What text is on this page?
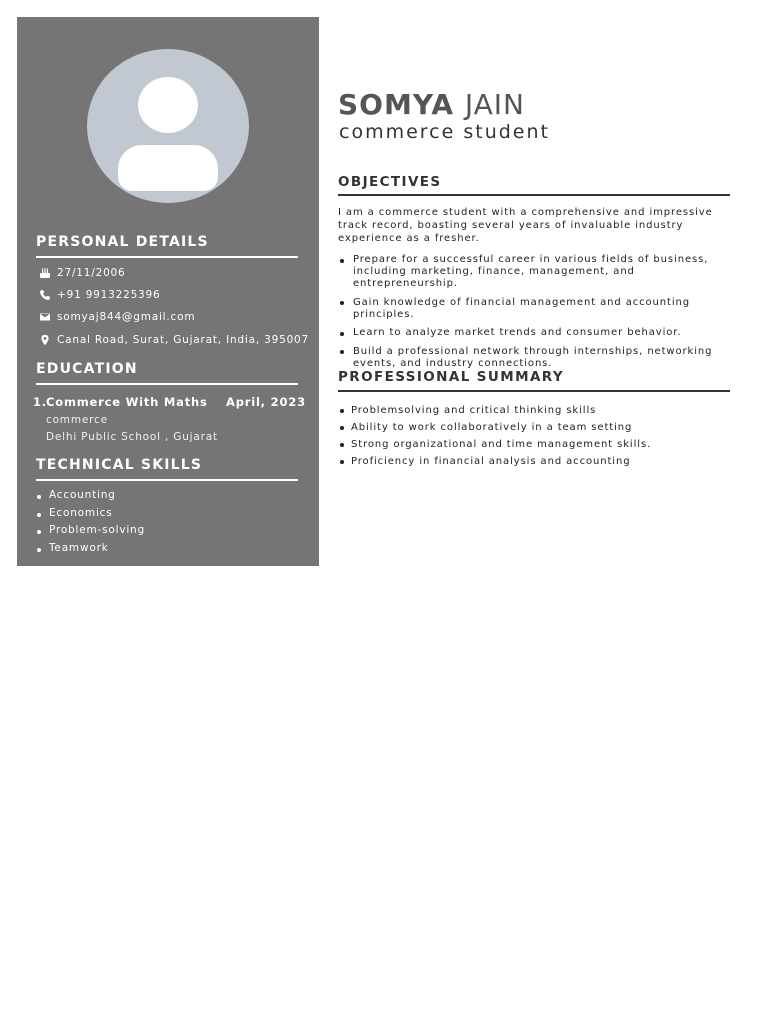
PERSONAL DETAILS
27/11/2006
+91 9913225396
somyaj844@gmail.com
Canal Road, Surat, Gujarat, India, 395007
EDUCATION
1. Commerce With Maths April, 2023
commerce
Delhi Public School , Gujarat
TECHNICAL SKILLS
Accounting
Economics
Problem-solving
Teamwork
SOMYA JAIN

commerce student

OBJECTIVES

I am a commerce student with a comprehensive and impressive track record, boasting several years of invaluable industry experience as a fresher.

Prepare for a successful career in various fields of business, including marketing, finance, management, and entrepreneurship.
Gain knowledge of financial management and accounting principles.
Learn to analyze market trends and consumer behavior.
Build a professional network through internships, networking events, and industry connections.
PROFESSIONAL SUMMARY
Problemsolving and critical thinking skills
Ability to work collaboratively in a team setting
Strong organizational and time management skills.
Proficiency in financial analysis and accounting
